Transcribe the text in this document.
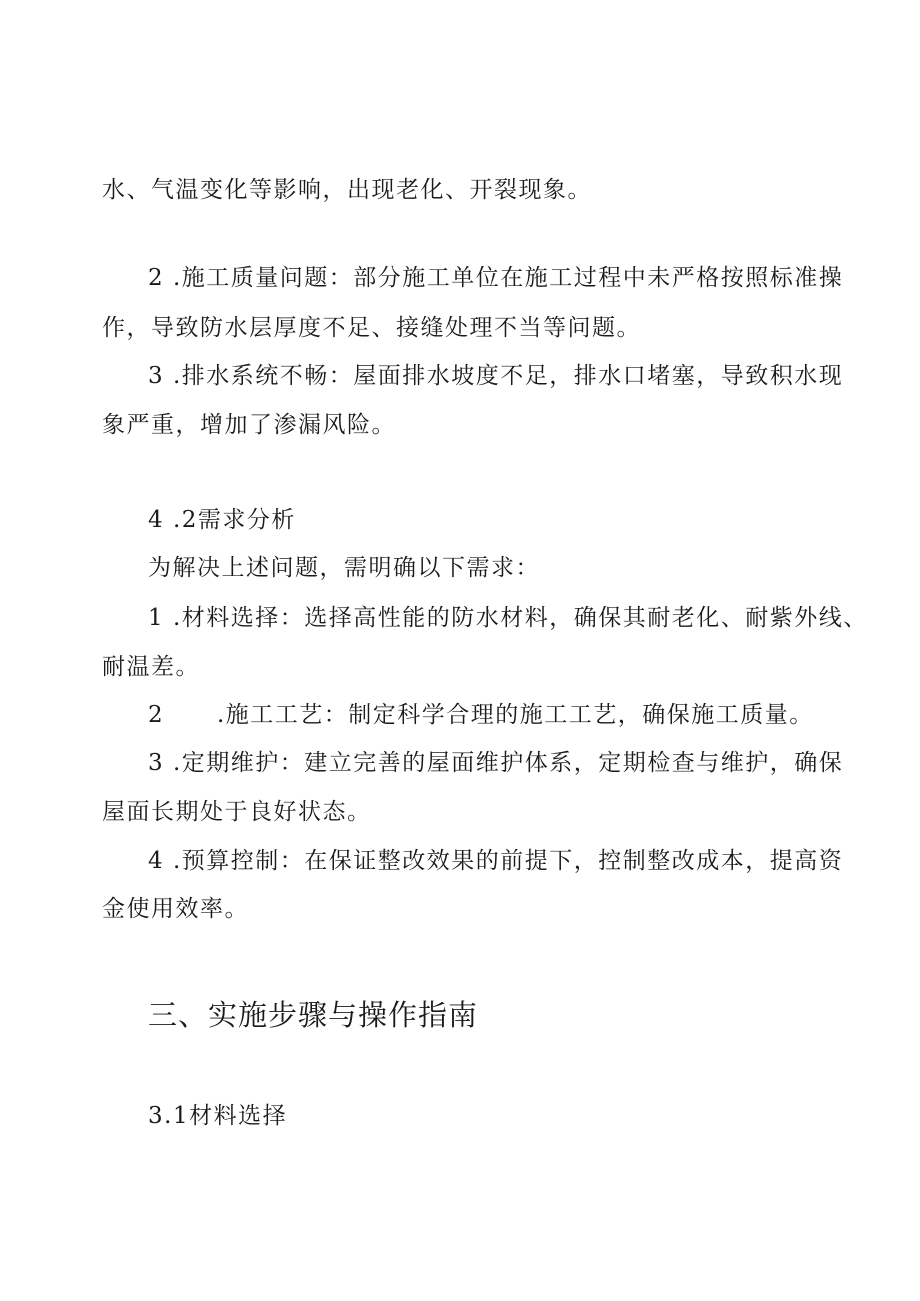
水、气温变化等影响，出现老化、开裂现象。
2 .施工质量问题：部分施工单位在施工过程中未严格按照标准操
作，导致防水层厚度不足、接缝处理不当等问题。
3 .排水系统不畅：屋面排水坡度不足，排水口堵塞，导致积水现
象严重，增加了渗漏风险。
4 .2需求分析
为解决上述问题，需明确以下需求：
1 .材料选择：选择高性能的防水材料，确保其耐老化、耐紫外线、
耐温差。
2      .施工工艺：制定科学合理的施工工艺，确保施工质量。
3 .定期维护：建立完善的屋面维护体系，定期检查与维护，确保
屋面长期处于良好状态。
4 .预算控制：在保证整改效果的前提下，控制整改成本，提高资
金使用效率。
三、实施步骤与操作指南
3.1材料选择
